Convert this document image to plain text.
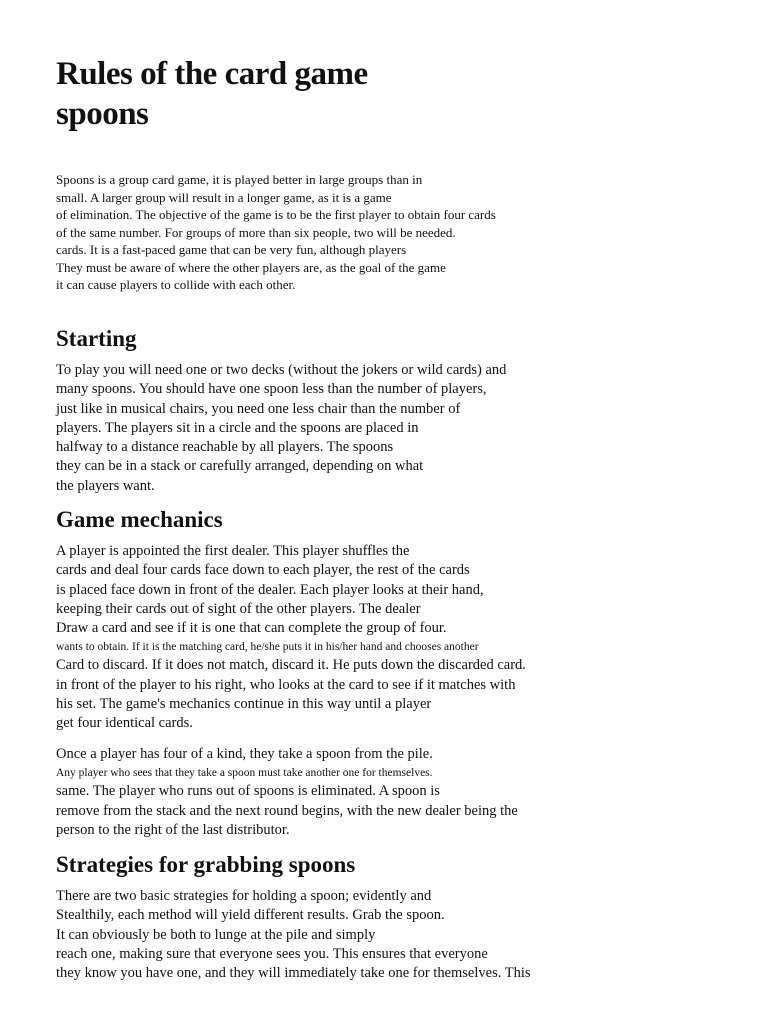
Rules of the card game
spoons

Spoons is a group card game, it is played better in large groups than in
small. A larger group will result in a longer game, as it is a game
of elimination. The objective of the game is to be the first player to obtain four cards
of the same number. For groups of more than six people, two will be needed.
cards. It is a fast-paced game that can be very fun, although players
They must be aware of where the other players are, as the goal of the game
it can cause players to collide with each other.

Starting

To play you will need one or two decks (without the jokers or wild cards) and
many spoons. You should have one spoon less than the number of players,
just like in musical chairs, you need one less chair than the number of
players. The players sit in a circle and the spoons are placed in
halfway to a distance reachable by all players. The spoons
they can be in a stack or carefully arranged, depending on what
the players want.

Game mechanics

A player is appointed the first dealer. This player shuffles the
cards and deal four cards face down to each player, the rest of the cards
is placed face down in front of the dealer. Each player looks at their hand,
keeping their cards out of sight of the other players. The dealer
Draw a card and see if it is one that can complete the group of four.
wants to obtain. If it is the matching card, he/she puts it in his/her hand and chooses another
Card to discard. If it does not match, discard it. He puts down the discarded card.
in front of the player to his right, who looks at the card to see if it matches with
his set. The game's mechanics continue in this way until a player
get four identical cards.

Once a player has four of a kind, they take a spoon from the pile.
Any player who sees that they take a spoon must take another one for themselves.
same. The player who runs out of spoons is eliminated. A spoon is
remove from the stack and the next round begins, with the new dealer being the
person to the right of the last distributor.

Strategies for grabbing spoons

There are two basic strategies for holding a spoon; evidently and
Stealthily, each method will yield different results. Grab the spoon.
It can obviously be both to lunge at the pile and simply
reach one, making sure that everyone sees you. This ensures that everyone
they know you have one, and they will immediately take one for themselves. This
